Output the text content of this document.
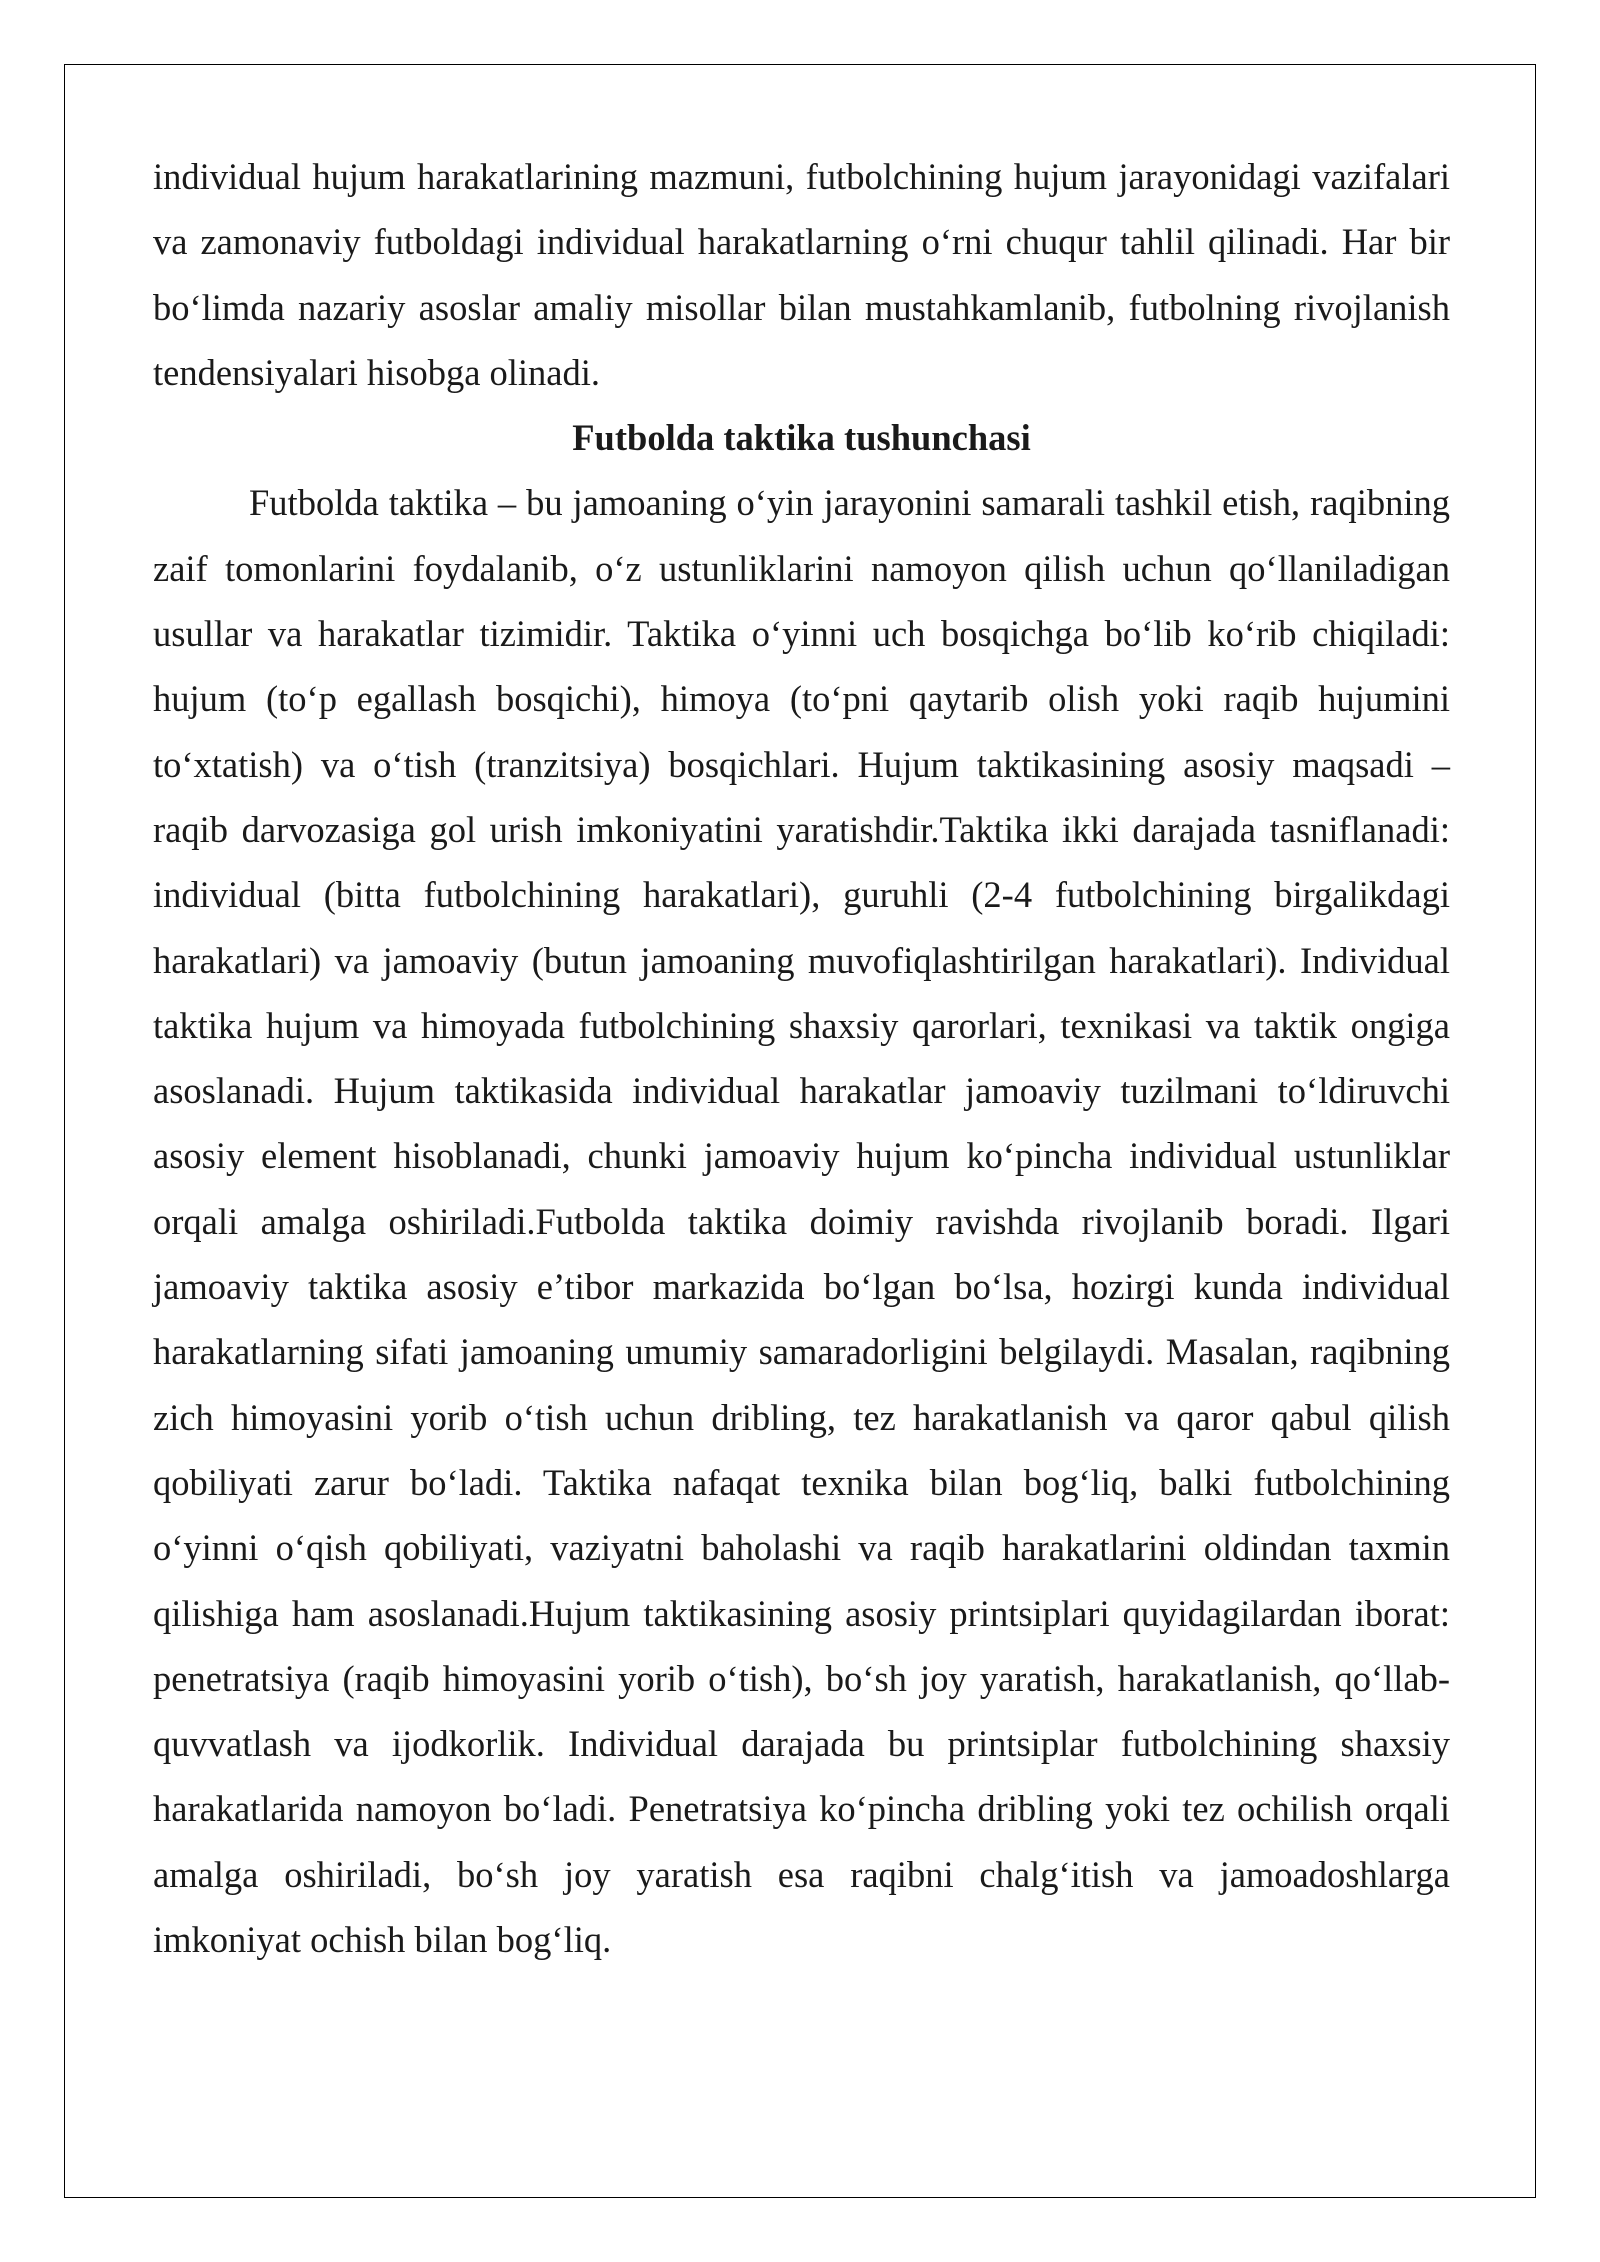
individual hujum harakatlarining mazmuni, futbolchining hujum jarayonidagi vazifalari va zamonaviy futboldagi individual harakatlarning o‘rni chuqur tahlil qilinadi. Har bir bo‘limda nazariy asoslar amaliy misollar bilan mustahkamlanib, futbolning rivojlanish tendensiyalari hisobga olinadi.

Futbolda taktika tushunchasi

Futbolda taktika – bu jamoaning o‘yin jarayonini samarali tashkil etish, raqibning zaif tomonlarini foydalanib, o‘z ustunliklarini namoyon qilish uchun qo‘llaniladigan usullar va harakatlar tizimidir. Taktika o‘yinni uch bosqichga bo‘lib ko‘rib chiqiladi: hujum (to‘p egallash bosqichi), himoya (to‘pni qaytarib olish yoki raqib hujumini to‘xtatish) va o‘tish (tranzitsiya) bosqichlari. Hujum taktikasining asosiy maqsadi – raqib darvozasiga gol urish imkoniyatini yaratishdir.Taktika ikki darajada tasniflanadi: individual (bitta futbolchining harakatlari), guruhli (2-4 futbolchining birgalikdagi harakatlari) va jamoaviy (butun jamoaning muvofiqlashtirilgan harakatlari). Individual taktika hujum va himoyada futbolchining shaxsiy qarorlari, texnikasi va taktik ongiga asoslanadi. Hujum taktikasida individual harakatlar jamoaviy tuzilmani to‘ldiruvchi asosiy element hisoblanadi, chunki jamoaviy hujum ko‘pincha individual ustunliklar orqali amalga oshiriladi.Futbolda taktika doimiy ravishda rivojlanib boradi. Ilgari jamoaviy taktika asosiy e’tibor markazida bo‘lgan bo‘lsa, hozirgi kunda individual harakatlarning sifati jamoaning umumiy samaradorligini belgilaydi. Masalan, raqibning zich himoyasini yorib o‘tish uchun dribling, tez harakatlanish va qaror qabul qilish qobiliyati zarur bo‘ladi. Taktika nafaqat texnika bilan bog‘liq, balki futbolchining o‘yinni o‘qish qobiliyati, vaziyatni baholashi va raqib harakatlarini oldindan taxmin qilishiga ham asoslanadi.Hujum taktikasining asosiy printsiplari quyidagilardan iborat: penetratsiya (raqib himoyasini yorib o‘tish), bo‘sh joy yaratish, harakatlanish, qo‘llab-quvvatlash va ijodkorlik. Individual darajada bu printsiplar futbolchining shaxsiy harakatlarida namoyon bo‘ladi. Penetratsiya ko‘pincha dribling yoki tez ochilish orqali amalga oshiriladi, bo‘sh joy yaratish esa raqibni chalg‘itish va jamoadoshlarga imkoniyat ochish bilan bog‘liq.
